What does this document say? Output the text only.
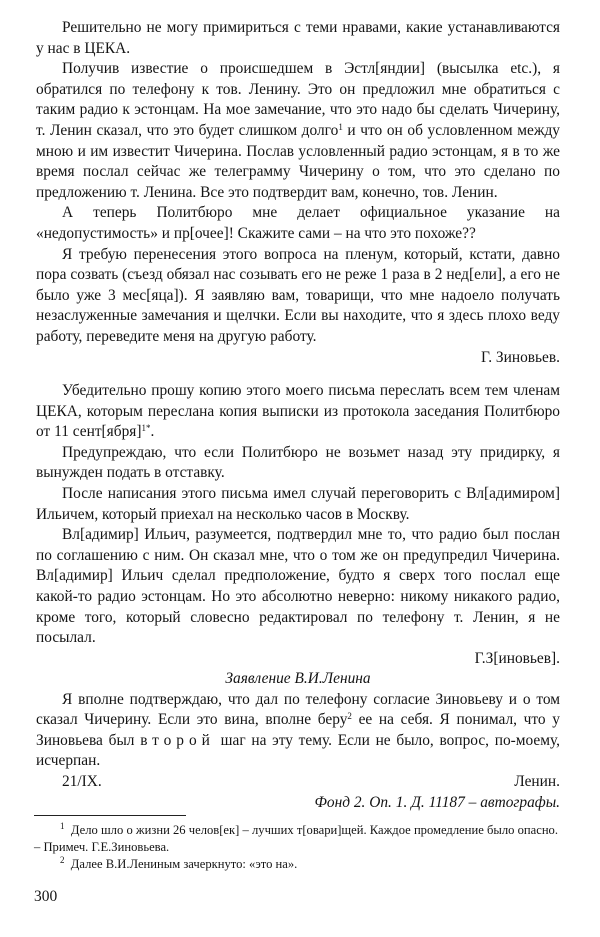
Решительно не могу примириться с теми нравами, какие устанавливаются у нас в ЦЕКА.
Получив известие о происшедшем в Эстл[яндии] (высылка etc.), я обратился по телефону к тов. Ленину. Это он предложил мне обратиться с таким радио к эстонцам. На мое замечание, что это надо бы сделать Чичерину, т. Ленин сказал, что это будет слишком долго$^1$ и что он об условленном между мною и им известит Чичерина. Послав условленный радио эстонцам, я в то же время послал сейчас же телеграмму Чичерину о том, что это сделано по предложению т. Ленина. Все это подтвердит вам, конечно, тов. Ленин.
А теперь Политбюро мне делает официальное указание на «недопустимость» и пр[очее]! Скажите сами – на что это похоже??
Я требую перенесения этого вопроса на пленум, который, кстати, давно пора созвать (съезд обязал нас созывать его не реже 1 раза в 2 нед[ели], а его не было уже 3 мес[яца]). Я заявляю вам, товарищи, что мне надоело получать незаслуженные замечания и щелчки. Если вы находите, что я здесь плохо веду работу, переведите меня на другую работу.
Г. Зиновьев.
Убедительно прошу копию этого моего письма переслать всем тем членам ЦЕКА, которым переслана копия выписки из протокола заседания Политбюро от 11 сент[ября]$^{1*}$.
Предупреждаю, что если Политбюро не возьмет назад эту придирку, я вынужден подать в отставку.
После написания этого письма имел случай переговорить с Вл[адимиром] Ильичем, который приехал на несколько часов в Москву.
Вл[адимир] Ильич, разумеется, подтвердил мне то, что радио был послан по соглашению с ним. Он сказал мне, что о том же он предупредил Чичерина. Вл[адимир] Ильич сделал предположение, будто я сверх того послал еще какой-то радио эстонцам. Но это абсолютно неверно: никому никакого радио, кроме того, который словесно редактировал по телефону т. Ленин, я не посылал.
Г.З[иновьев].
Заявление В.И.Ленина
Я вполне подтверждаю, что дал по телефону согласие Зиновьеву и о том сказал Чичерину. Если это вина, вполне беру$^2$ ее на себя. Я понимал, что у Зиновьева был второй шаг на эту тему. Если не было, вопрос, по-моему, исчерпан.
21/IX.	Ленин.
Фонд 2. Оп. 1. Д. 11187 – автографы.
$^1$ Дело шло о жизни 26 челов[ек] – лучших т[овари]щей. Каждое промедление было опасно. – Примеч. Г.Е.Зиновьева.
$^2$ Далее В.И.Лениным зачеркнуто: «это на».
300
